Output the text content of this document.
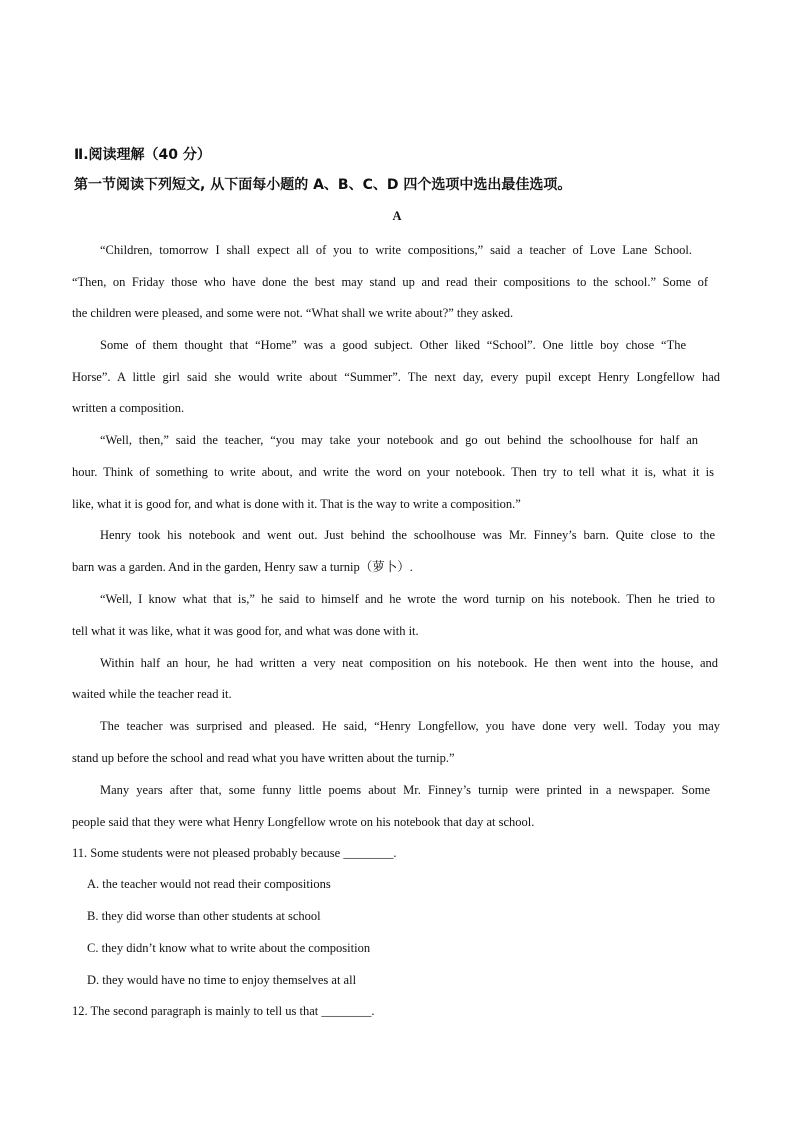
Ⅱ.阅读理解（40 分）
第一节阅读下列短文, 从下面每小题的 A、B、C、D 四个选项中选出最佳选项。
A
“Children, tomorrow I shall expect all of you to write compositions,” said a teacher of Love Lane School.
“Then, on Friday those who have done the best may stand up and read their compositions to the school.” Some of
the children were pleased, and some were not. “What shall we write about?” they asked.
Some of them thought that “Home” was a good subject. Other liked “School”. One little boy chose “The
Horse”. A little girl said she would write about “Summer”. The next day, every pupil except Henry Longfellow had
written a composition.
“Well, then,” said the teacher, “you may take your notebook and go out behind the schoolhouse for half an
hour. Think of something to write about, and write the word on your notebook. Then try to tell what it is, what it is
like, what it is good for, and what is done with it. That is the way to write a composition.”
Henry took his notebook and went out. Just behind the schoolhouse was Mr. Finney’s barn. Quite close to the
barn was a garden. And in the garden, Henry saw a turnip（萝卜）.
“Well, I know what that is,” he said to himself and he wrote the word turnip on his notebook. Then he tried to
tell what it was like, what it was good for, and what was done with it.
Within half an hour, he had written a very neat composition on his notebook. He then went into the house, and
waited while the teacher read it.
The teacher was surprised and pleased. He said, “Henry Longfellow, you have done very well. Today you may
stand up before the school and read what you have written about the turnip.”
Many years after that, some funny little poems about Mr. Finney’s turnip were printed in a newspaper. Some
people said that they were what Henry Longfellow wrote on his notebook that day at school.
11. Some students were not pleased probably because ________.
A. the teacher would not read their compositions
B. they did worse than other students at school
C. they didn’t know what to write about the composition
D. they would have no time to enjoy themselves at all
12. The second paragraph is mainly to tell us that ________.
